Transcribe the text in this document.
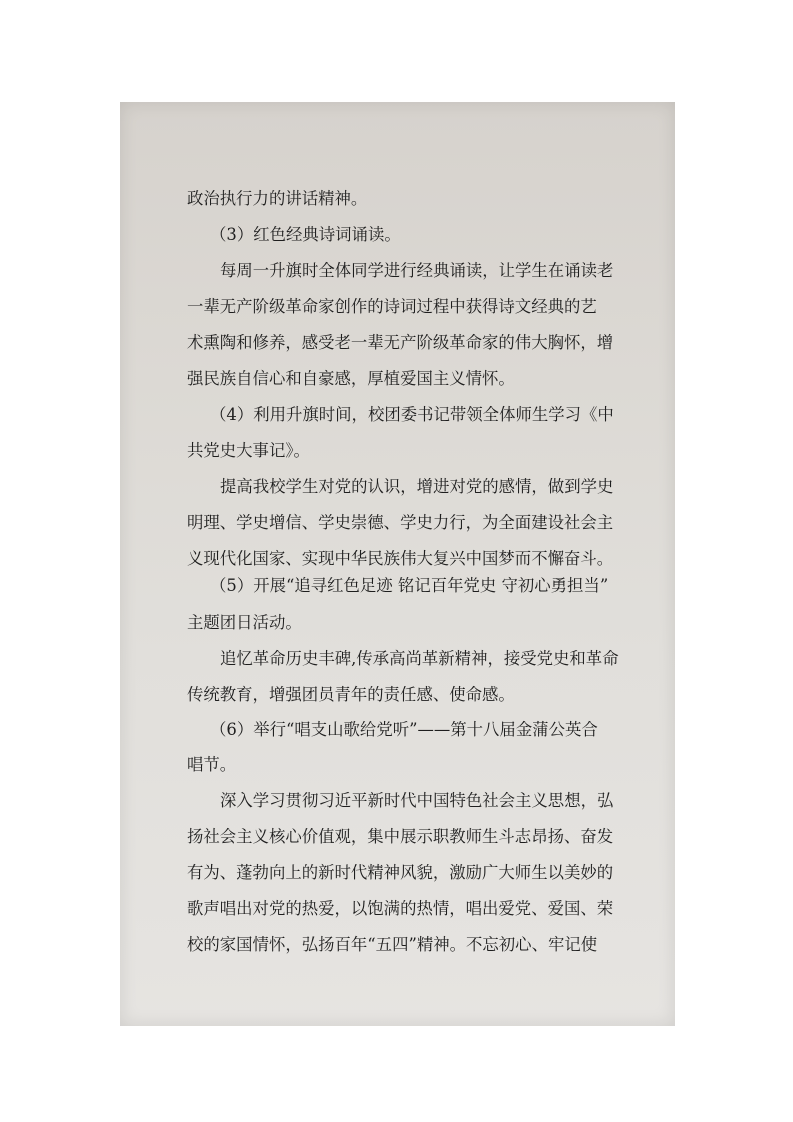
政治执行力的讲话精神。
（3）红色经典诗词诵读。
每周一升旗时全体同学进行经典诵读，让学生在诵读老
一辈无产阶级革命家创作的诗词过程中获得诗文经典的艺
术熏陶和修养，感受老一辈无产阶级革命家的伟大胸怀，增
强民族自信心和自豪感，厚植爱国主义情怀。
（4）利用升旗时间，校团委书记带领全体师生学习《中
共党史大事记》。
提高我校学生对党的认识，增进对党的感情，做到学史
明理、学史增信、学史崇德、学史力行，为全面建设社会主
义现代化国家、实现中华民族伟大复兴中国梦而不懈奋斗。
（5）开展“追寻红色足迹 铭记百年党史 守初心勇担当”
主题团日活动。
追忆革命历史丰碑,传承高尚革新精神，接受党史和革命
传统教育，增强团员青年的责任感、使命感。
（6）举行“唱支山歌给党听”——第十八届金蒲公英合
唱节。
深入学习贯彻习近平新时代中国特色社会主义思想，弘
扬社会主义核心价值观，集中展示职教师生斗志昂扬、奋发
有为、蓬勃向上的新时代精神风貌，激励广大师生以美妙的
歌声唱出对党的热爱，以饱满的热情，唱出爱党、爱国、荣
校的家国情怀，弘扬百年“五四”精神。不忘初心、牢记使
